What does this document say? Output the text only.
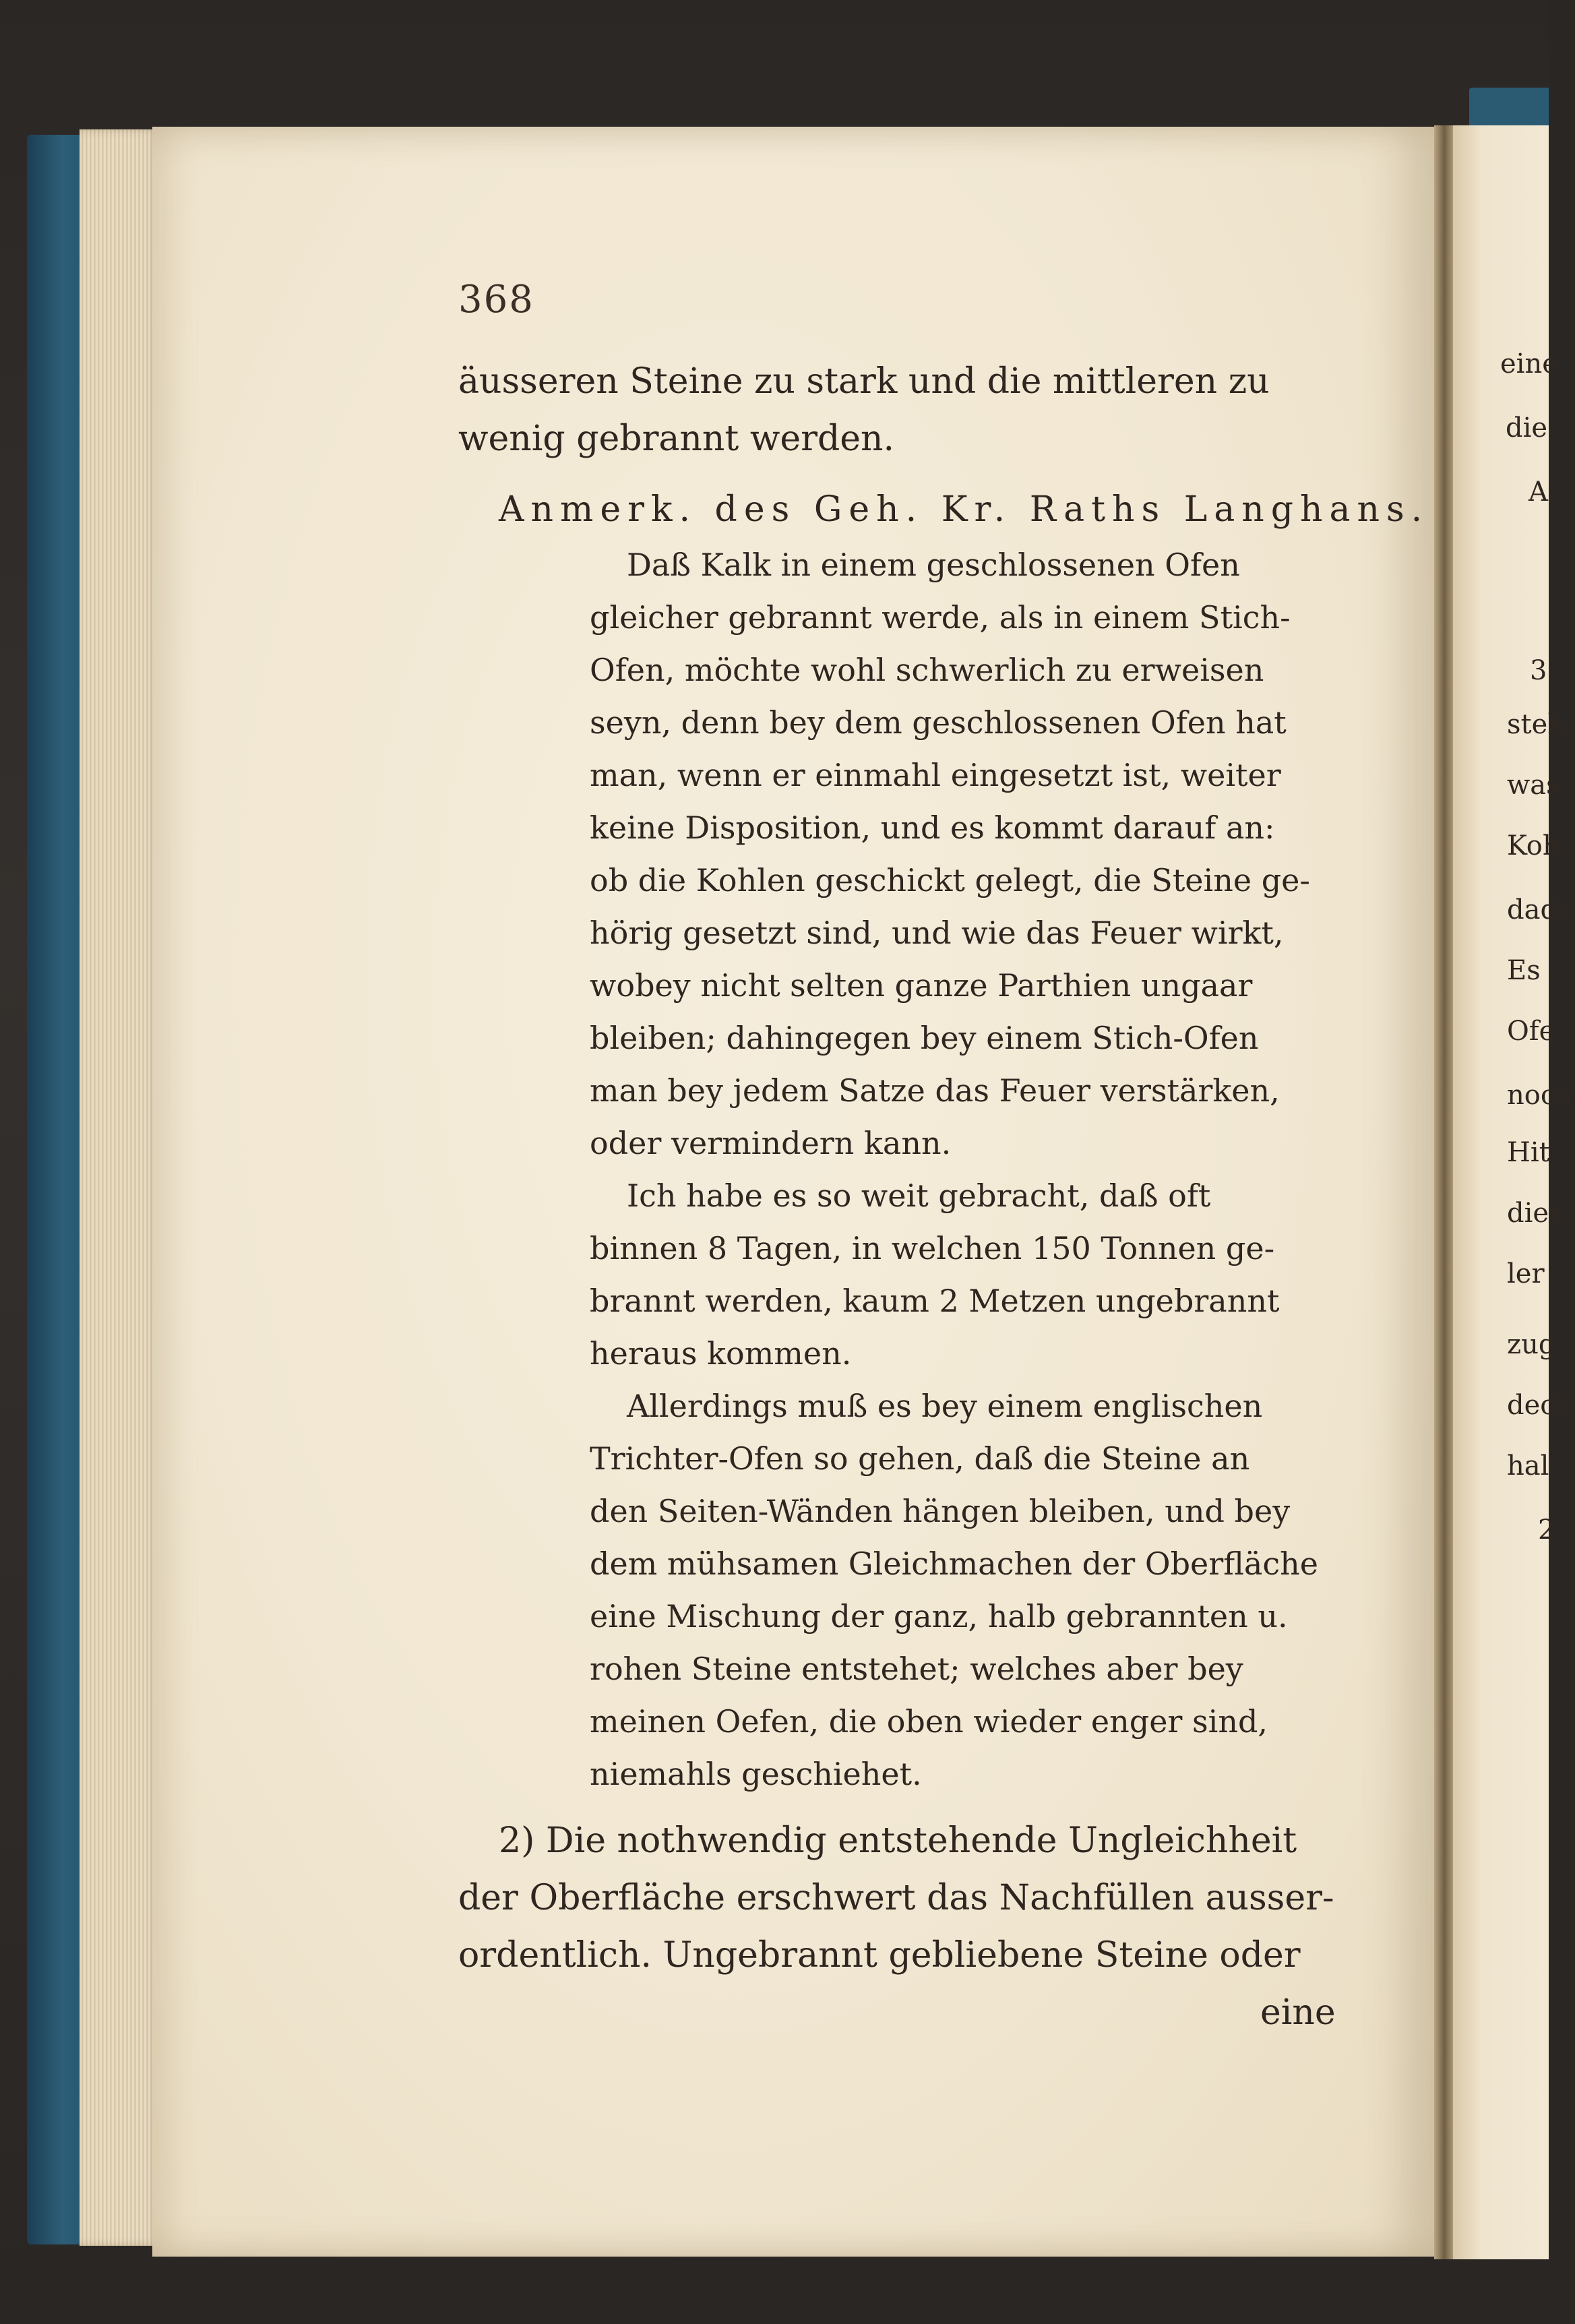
368

äusseren Steine zu stark und die mittleren zu

wenig gebrannt werden.

Anmerk. des Geh. Kr. Raths Langhans.

Daß Kalk in einem geschlossenen Ofen

gleicher gebrannt werde, als in einem Stich-

Ofen, möchte wohl schwerlich zu erweisen

seyn, denn bey dem geschlossenen Ofen hat

man, wenn er einmahl eingesetzt ist, weiter

keine Disposition, und es kommt darauf an:

ob die Kohlen geschickt gelegt, die Steine ge-

hörig gesetzt sind, und wie das Feuer wirkt,

wobey nicht selten ganze Parthien ungaar

bleiben; dahingegen bey einem Stich-Ofen

man bey jedem Satze das Feuer verstärken,

oder vermindern kann.

Ich habe es so weit gebracht, daß oft

binnen 8 Tagen, in welchen 150 Tonnen ge-

brannt werden, kaum 2 Metzen ungebrannt

heraus kommen.

Allerdings muß es bey einem englischen

Trichter-Ofen so gehen, daß die Steine an

den Seiten-Wänden hängen bleiben, und bey

dem mühsamen Gleichmachen der Oberfläche

eine Mischung der ganz, halb gebrannten u.

rohen Steine entstehet; welches aber bey

meinen Oefen, die oben wieder enger sind,

niemahls geschiehet.

2) Die nothwendig entstehende Ungleichheit

der Oberfläche erschwert das Nachfüllen ausser-

ordentlich. Ungebrannt gebliebene Steine oder

eine

eine

die

A

3

steh

was

Koh

dadu

Es

Ofe

noch

Hit

dies

ler

zug

deck

hal

2
